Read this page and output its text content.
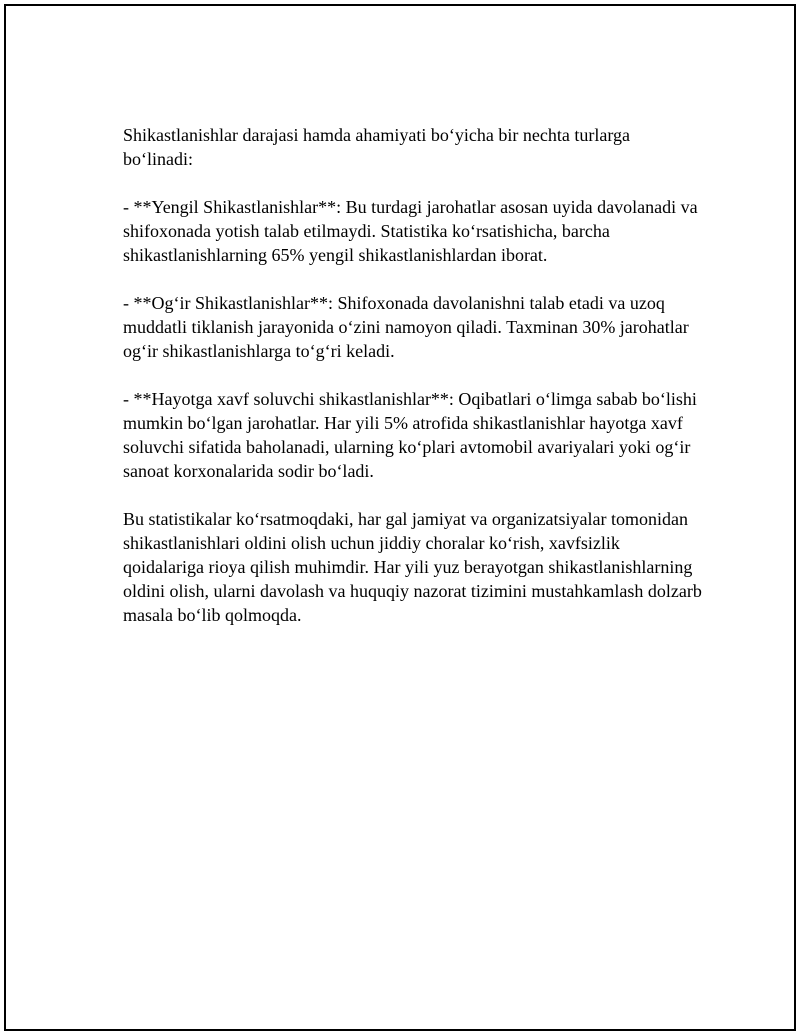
Shikastlanishlar darajasi hamda ahamiyati bo‘yicha bir nechta turlarga bo‘linadi:

- **Yengil Shikastlanishlar**: Bu turdagi jarohatlar asosan uyida davolanadi va shifoxonada yotish talab etilmaydi. Statistika ko‘rsatishicha, barcha shikastlanishlarning 65% yengil shikastlanishlardan iborat.

- **Og‘ir Shikastlanishlar**: Shifoxonada davolanishni talab etadi va uzoq muddatli tiklanish jarayonida o‘zini namoyon qiladi. Taxminan 30% jarohatlar og‘ir shikastlanishlarga to‘g‘ri keladi.

- **Hayotga xavf soluvchi shikastlanishlar**: Oqibatlari o‘limga sabab bo‘lishi mumkin bo‘lgan jarohatlar. Har yili 5% atrofida shikastlanishlar hayotga xavf soluvchi sifatida baholanadi, ularning ko‘plari avtomobil avariyalari yoki og‘ir sanoat korxonalarida sodir bo‘ladi.

Bu statistikalar ko‘rsatmoqdaki, har gal jamiyat va organizatsiyalar tomonidan shikastlanishlari oldini olish uchun jiddiy choralar ko‘rish, xavfsizlik qoidalariga rioya qilish muhimdir. Har yili yuz berayotgan shikastlanishlarning oldini olish, ularni davolash va huquqiy nazorat tizimini mustahkamlash dolzarb masala bo‘lib qolmoqda.
